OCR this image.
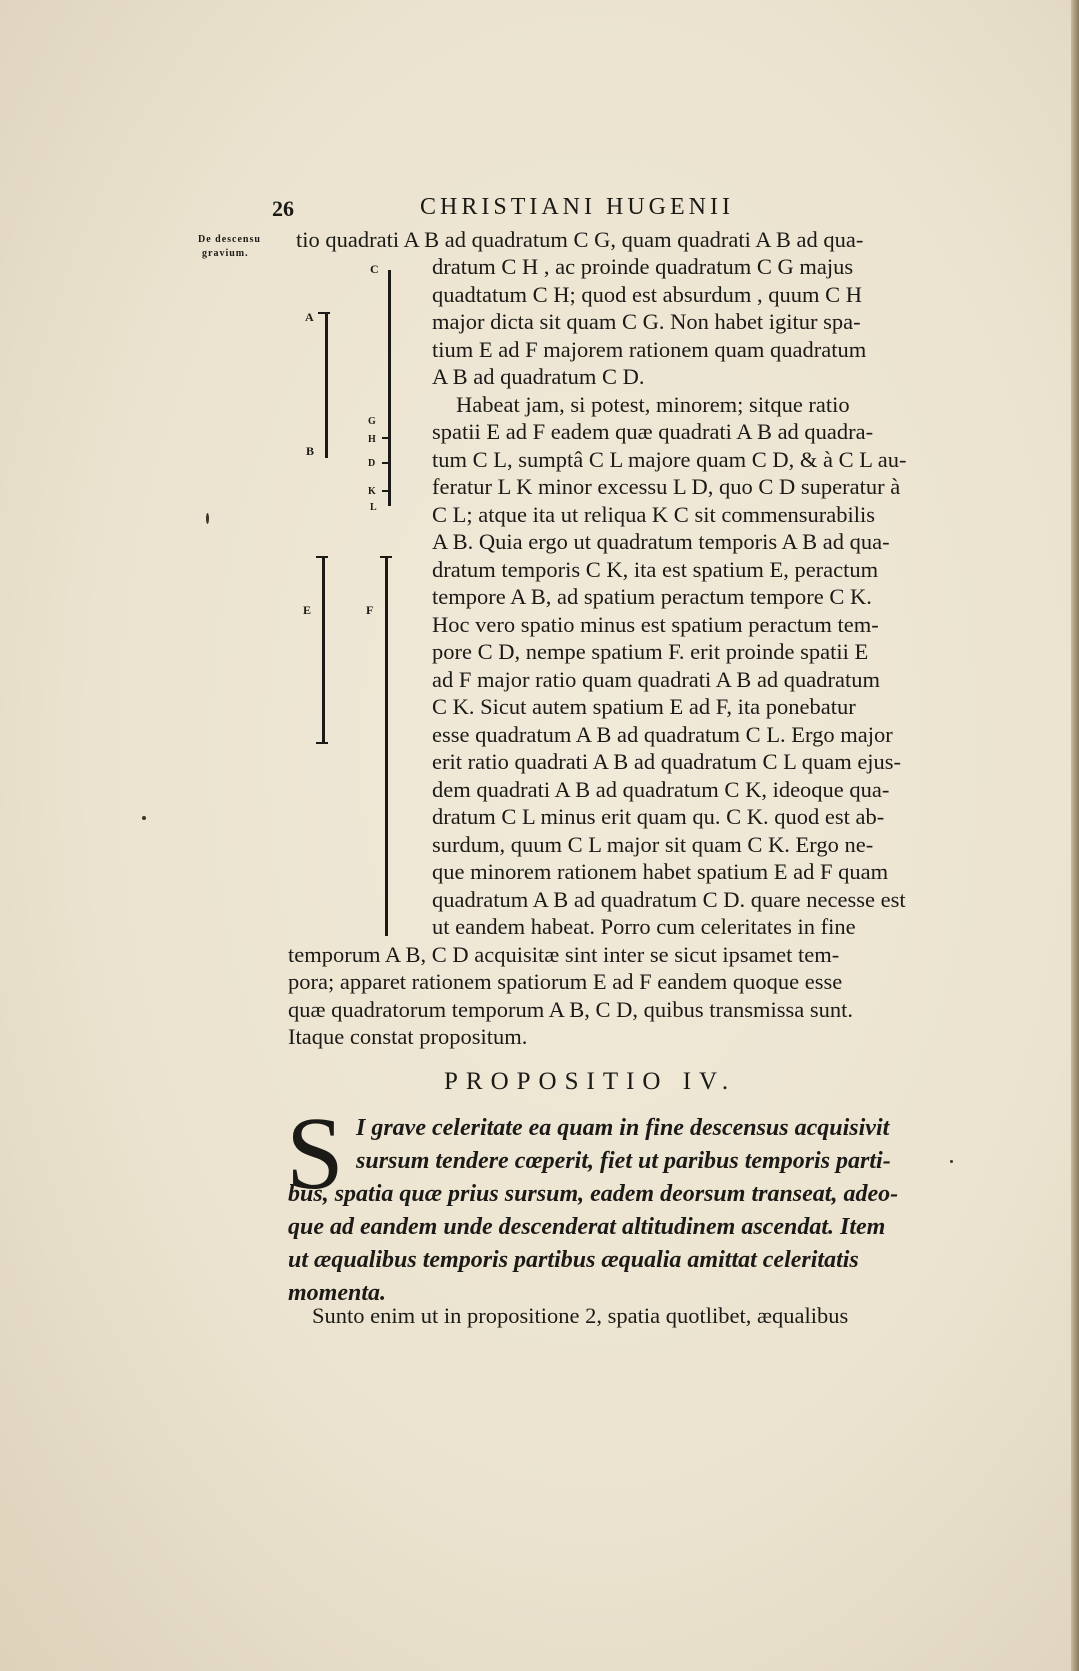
26	CHRISTIANI HUGENII
De descensu
gravium.
A
B
C
G
H
D
K
L
E	F
tio quadrati A B ad quadratum C G, quam quadrati A B ad qua-
dratum C H , ac proinde quadratum C G majus
quadtatum C H; quod est absurdum , quum C H
major dicta sit quam C G. Non habet igitur spa-
tium E ad F majorem rationem quam quadratum
A B ad quadratum C D.
Habeat jam, si potest, minorem; sitque ratio
spatii E ad F eadem quæ quadrati A B ad quadra-
tum C L, sumptâ C L majore quam C D, & à C L au-
feratur L K minor excessu L D, quo C D superatur à
C L; atque ita ut reliqua K C sit commensurabilis
A B. Quia ergo ut quadratum temporis A B ad qua-
dratum temporis C K, ita est spatium E, peractum
tempore A B, ad spatium peractum tempore C K.
Hoc vero spatio minus est spatium peractum tem-
pore C D, nempe spatium F. erit proinde spatii E
ad F major ratio quam quadrati A B ad quadratum
C K. Sicut autem spatium E ad F, ita ponebatur
esse quadratum A B ad quadratum C L. Ergo major
erit ratio quadrati A B ad quadratum C L quam ejus-
dem quadrati A B ad quadratum C K, ideoque qua-
dratum C L minus erit quam qu. C K. quod est ab-
surdum, quum C L major sit quam C K. Ergo ne-
que minorem rationem habet spatium E ad F quam
quadratum A B ad quadratum C D. quare necesse est
ut eandem habeat. Porro cum celeritates in fine
temporum A B, C D acquisitæ sint inter se sicut ipsamet tem-
pora; apparet rationem spatiorum E ad F eandem quoque esse
quæ quadratorum temporum A B, C D, quibus transmissa sunt.
Itaque constat propositum.
PROPOSITIO IV.
S I grave celeritate ea quam in fine descensus acquisivit
sursum tendere cœperit, fiet ut paribus temporis parti-
bus, spatia quæ prius sursum, eadem deorsum transeat, adeo-
que ad eandem unde descenderat altitudinem ascendat. Item
ut æqualibus temporis partibus æqualia amittat celeritatis
momenta.
Sunto enim ut in propositione 2, spatia quotlibet, æqualibus
